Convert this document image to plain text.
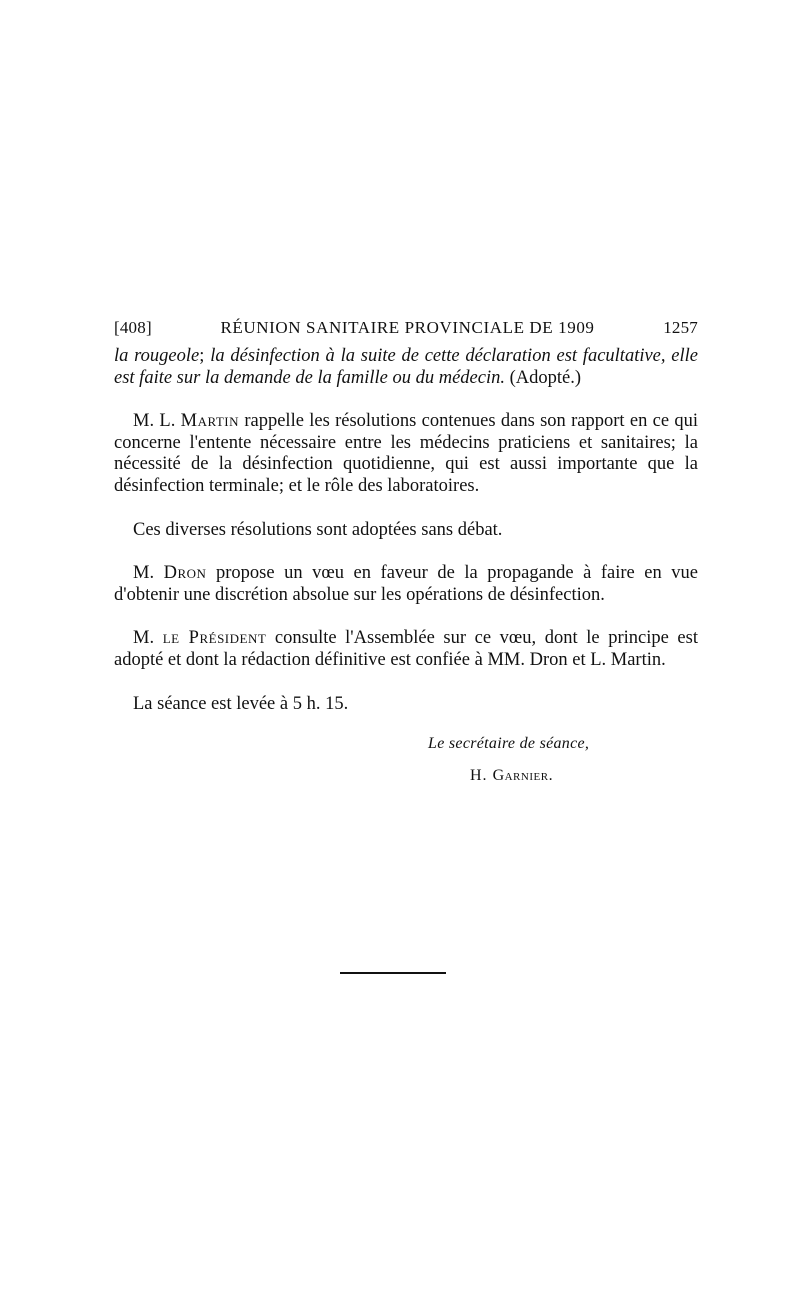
[408]	RÉUNION SANITAIRE PROVINCIALE DE 1909	1257

la rougeole; la désinfection à la suite de cette déclaration est facultative, elle est faite sur la demande de la famille ou du médecin. (Adopté.)

M. L. Martin rappelle les résolutions contenues dans son rapport en ce qui concerne l'entente nécessaire entre les médecins praticiens et sanitaires; la nécessité de la désinfection quotidienne, qui est aussi importante que la désinfection terminale; et le rôle des laboratoires.

Ces diverses résolutions sont adoptées sans débat.

M. Dron propose un vœu en faveur de la propagande à faire en vue d'obtenir une discrétion absolue sur les opérations de désinfection.

M. le Président consulte l'Assemblée sur ce vœu, dont le principe est adopté et dont la rédaction définitive est confiée à MM. Dron et L. Martin.

La séance est levée à 5 h. 15.

Le secrétaire de séance,
H. Garnier.
